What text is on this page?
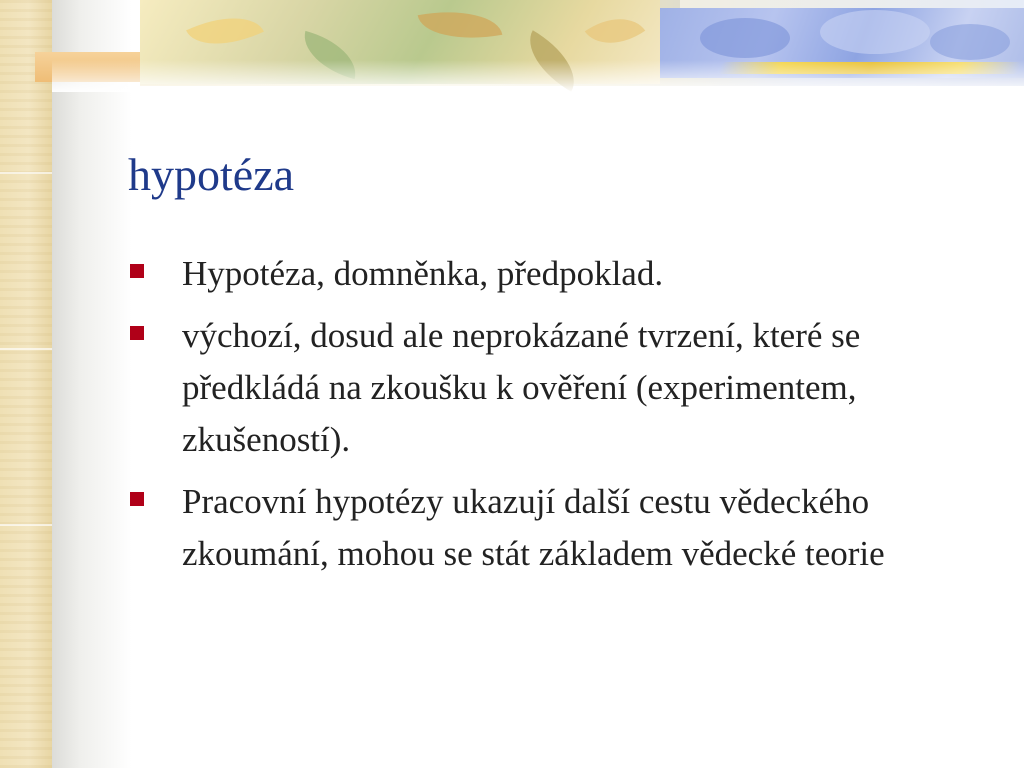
hypotéza
Hypotéza, domněnka, předpoklad.
výchozí, dosud ale neprokázané tvrzení, které se předkládá na zkoušku k ověření (experimentem, zkušeností).
Pracovní hypotézy ukazují další cestu vědeckého zkoumání, mohou se stát základem vědecké teorie
